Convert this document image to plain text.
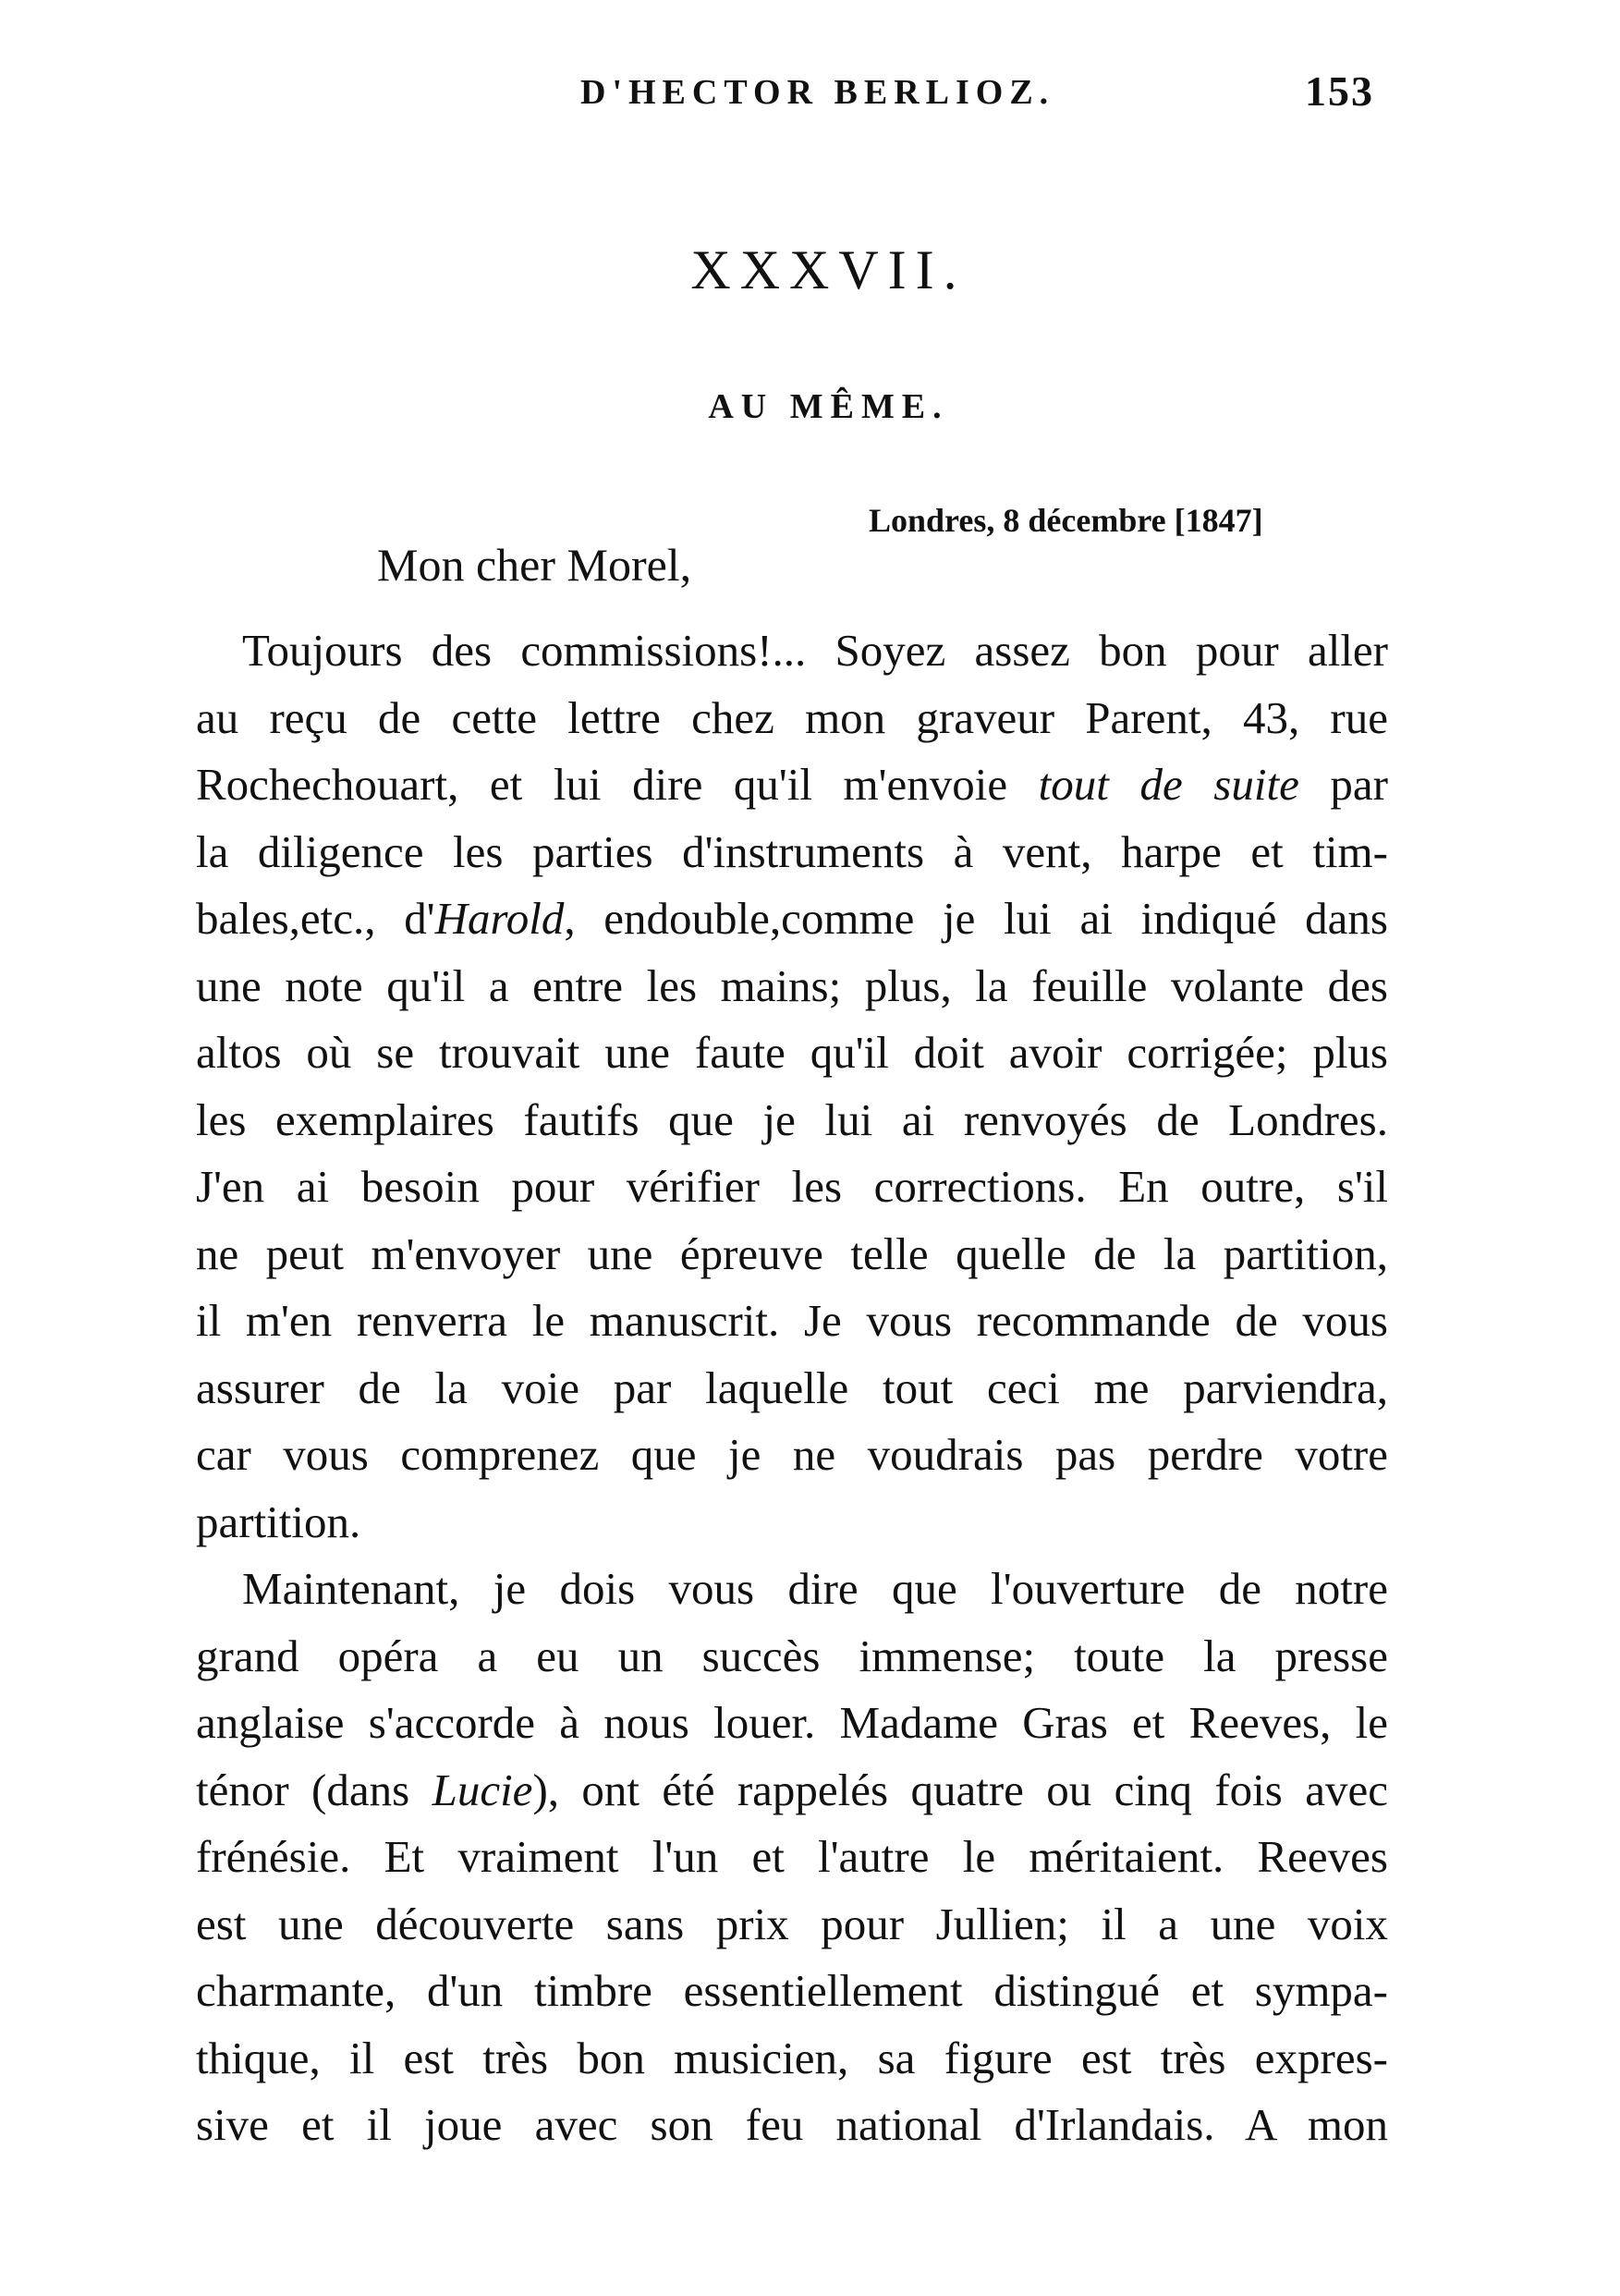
D'HECTOR BERLIOZ.	153
XXXVII.
AU MÊME.
Londres, 8 décembre [1847]
Mon cher Morel,
Toujours des commissions!... Soyez assez bon pour aller
au reçu de cette lettre chez mon graveur Parent, 43, rue
Rochechouart, et lui dire qu'il m'envoie tout de suite par
la diligence les parties d'instruments à vent, harpe et tim-
bales,etc., d'Harold, endouble,comme je lui ai indiqué dans
une note qu'il a entre les mains; plus, la feuille volante des
altos où se trouvait une faute qu'il doit avoir corrigée; plus
les exemplaires fautifs que je lui ai renvoyés de Londres.
J'en ai besoin pour vérifier les corrections. En outre, s'il
ne peut m'envoyer une épreuve telle quelle de la partition,
il m'en renverra le manuscrit. Je vous recommande de vous
assurer de la voie par laquelle tout ceci me parviendra,
car vous comprenez que je ne voudrais pas perdre votre
partition.
Maintenant, je dois vous dire que l'ouverture de notre
grand opéra a eu un succès immense; toute la presse
anglaise s'accorde à nous louer. Madame Gras et Reeves, le
ténor (dans Lucie), ont été rappelés quatre ou cinq fois avec
frénésie. Et vraiment l'un et l'autre le méritaient. Reeves
est une découverte sans prix pour Jullien; il a une voix
charmante, d'un timbre essentiellement distingué et sympa-
thique, il est très bon musicien, sa figure est très expres-
sive et il joue avec son feu national d'Irlandais. A mon
